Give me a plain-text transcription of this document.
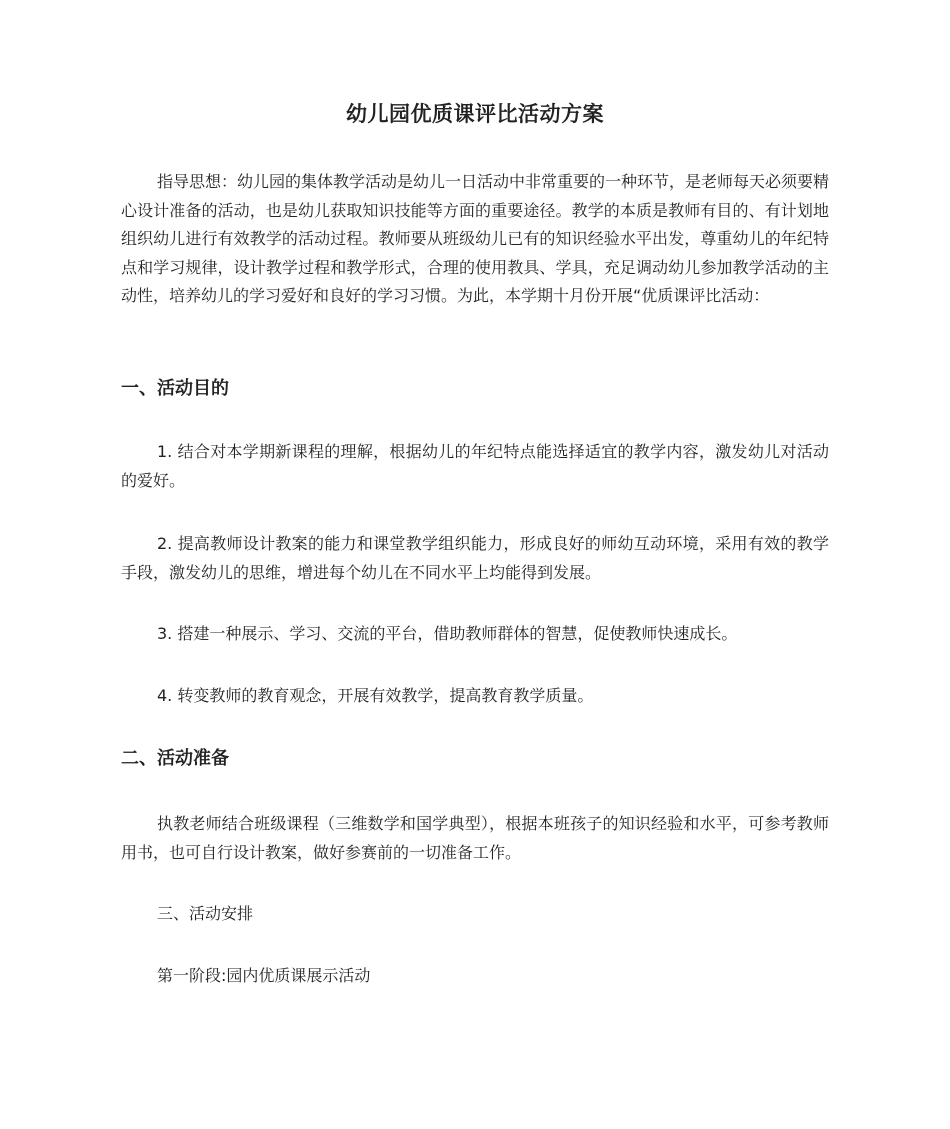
幼儿园优质课评比活动方案
指导思想：幼儿园的集体教学活动是幼儿一日活动中非常重要的一种环节，是老师每天必须要精心设计准备的活动，也是幼儿获取知识技能等方面的重要途径。教学的本质是教师有目的、有计划地组织幼儿进行有效教学的活动过程。教师要从班级幼儿已有的知识经验水平出发，尊重幼儿的年纪特点和学习规律，设计教学过程和教学形式，合理的使用教具、学具，充足调动幼儿参加教学活动的主动性，培养幼儿的学习爱好和良好的学习习惯。为此，本学期十月份开展“优质课评比活动：
一、活动目的
1. 结合对本学期新课程的理解，根据幼儿的年纪特点能选择适宜的教学内容，激发幼儿对活动的爱好。
2. 提高教师设计教案的能力和课堂教学组织能力，形成良好的师幼互动环境，采用有效的教学手段，激发幼儿的思维，增进每个幼儿在不同水平上均能得到发展。
3. 搭建一种展示、学习、交流的平台，借助教师群体的智慧，促使教师快速成长。
4. 转变教师的教育观念，开展有效教学，提高教育教学质量。
二、活动准备
执教老师结合班级课程（三维数学和国学典型），根据本班孩子的知识经验和水平，可参考教师用书，也可自行设计教案，做好参赛前的一切准备工作。
三、活动安排
第一阶段:园内优质课展示活动
